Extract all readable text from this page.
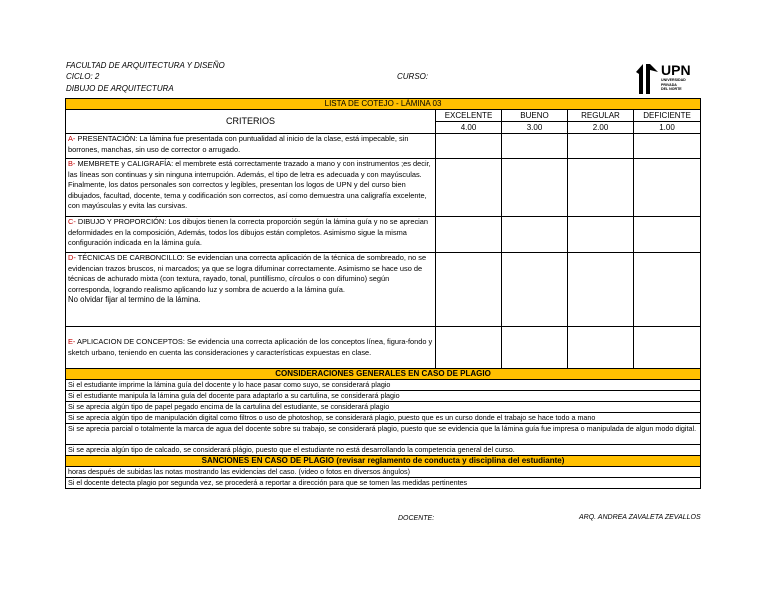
FACULTAD DE ARQUITECTURA Y DISEÑO
CICLO: 2
DIBUJO DE ARQUITECTURA
CURSO:	UPN
UNIVERSIDAD
PRIVADA
DEL NORTE
LISTA DE COTEJO - LÁMINA 03				
CRITERIOS	EXCELENTE	BUENO	REGULAR	DEFICIENTE
	4.00	3.00	2.00	1.00
A- PRESENTACIÓN: La lámina fue presentada con puntualidad al inicio de la clase, está impecable, sin borrones, manchas, sin uso de corrector o arrugado.				
B- MEMBRETE y CALIGRAFÍA: el membrete está correctamente trazado a mano y con instrumentos ;es decir, las líneas son continuas y sin ninguna interrupción. Además, el tipo de letra es adecuada y con mayúsculas. Finalmente, los datos personales son correctos y legibles, presentan los logos de UPN y del curso bien dibujados, facultad, docente, tema y codificación son correctos, así como demuestra una caligrafía excelente, con mayúsculas y evita las cursivas.				
C- DIBUJO Y PROPORCIÓN: Los dibujos tienen la correcta proporción según la lámina guía y no se aprecian deformidades en la composición, Además, todos los dibujos están completos. Asimismo sigue la misma configuración indicada en la lámina guía.				
D- TÉCNICAS DE CARBONCILLO: Se evidencian una correcta aplicación de la técnica de sombreado, no se evidencian trazos bruscos, ni marcados; ya que se logra difuminar correctamente. Asimismo se hace uso de técnicas de achurado mixta (con textura, rayado, tonal, puntillismo, círculos o con difumino) según corresponda, logrando realismo aplicando luz y sombra de acuerdo a la lámina guía.
No olvidar fijar al termino de la lámina.				

E- APLICACION DE CONCEPTOS: Se evidencia una correcta aplicación de los conceptos línea, figura-fondo y sketch urbano, teniendo en cuenta las consideraciones y características expuestas en clase.				
CONSIDERACIONES GENERALES EN CASO DE PLAGIO				
Si el estudiante imprime la lámina guía del docente y lo hace pasar como suyo, se considerará plagio				
Si el estudiante manipula la lámina guía del docente para adaptarlo a su cartulina, se considerará plagio				
Si se aprecia algún tipo de papel pegado encima de la cartulina del estudiante, se considerará plagio				
Si se aprecia algún tipo de manipulación digital como filtros o uso de photoshop, se considerará plagio, puesto que es un curso donde el trabajo se hace todo a mano				
Si se aprecia parcial o totalmente la marca de agua del docente sobre su trabajo, se considerará plagio, puesto que se evidencia que la lámina guía fue impresa o manipulada de algun modo digital.				
Si se aprecia algún tipo de calcado, se considerará plágio, puesto que el estudiante no está desarrollando la competencia general del curso.				
SANCIONES EN CASO DE PLAGIO (revisar reglamento de conducta y disciplina del estudiante)				
horas después de subidas las notas mostrando las evidencias del caso. (video o fotos en diversos ángulos)				
Si el docente detecta plagio por segunda vez, se procederá a reportar a dirección para que se tomen las medidas pertinentes				
DOCENTE:	ARQ. ANDREA ZAVALETA ZEVALLOS
